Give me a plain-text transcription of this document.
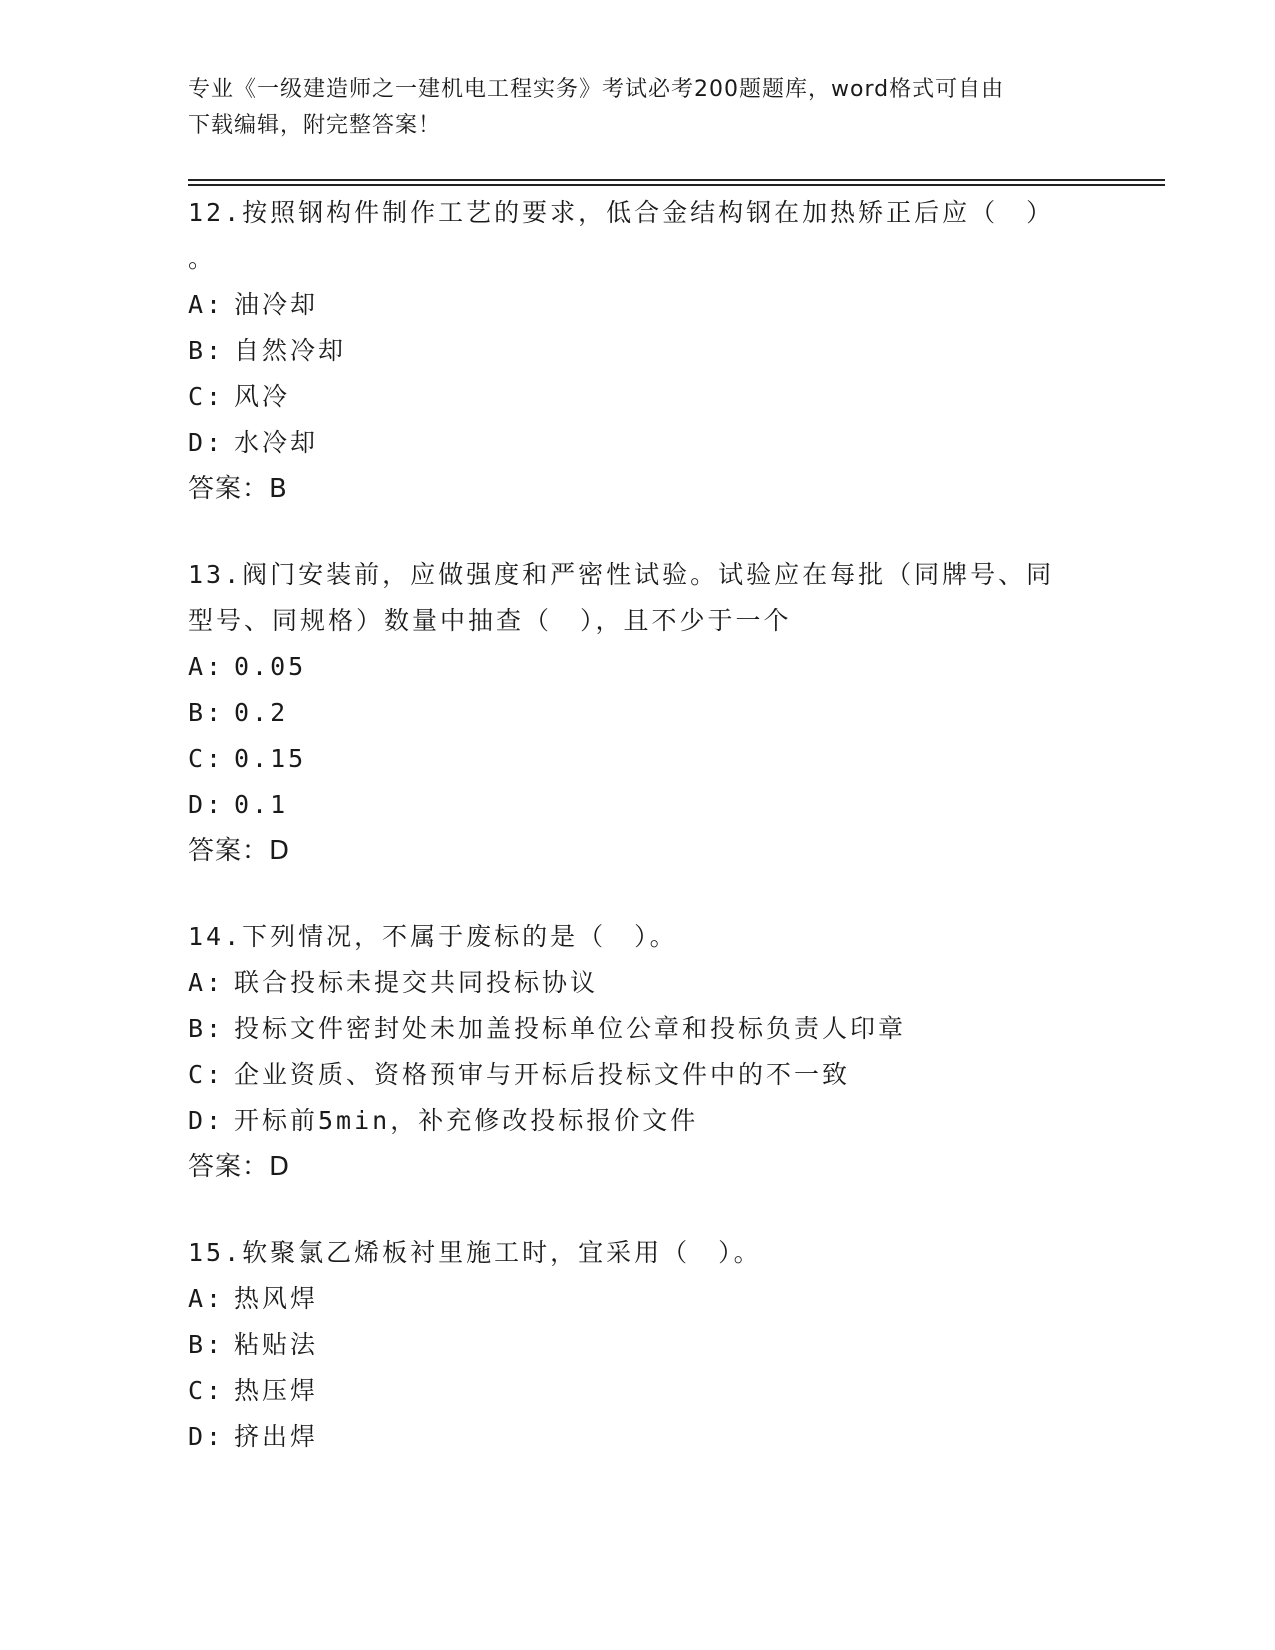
专业《一级建造师之一建机电工程实务》考试必考200题题库，word格式可自由
下载编辑，附完整答案！
12.按照钢构件制作工艺的要求，低合金结构钢在加热矫正后应（　）
。
A: 油冷却
B: 自然冷却
C: 风冷
D: 水冷却
答案：B
13.阀门安装前，应做强度和严密性试验。试验应在每批（同牌号、同
型号、同规格）数量中抽查（　），且不少于一个
A: 0.05
B: 0.2
C: 0.15
D: 0.1
答案：D
14.下列情况，不属于废标的是（　）。
A: 联合投标未提交共同投标协议
B: 投标文件密封处未加盖投标单位公章和投标负责人印章
C: 企业资质、资格预审与开标后投标文件中的不一致
D: 开标前5min，补充修改投标报价文件
答案：D
15.软聚氯乙烯板衬里施工时，宜采用（　）。
A: 热风焊
B: 粘贴法
C: 热压焊
D: 挤出焊
